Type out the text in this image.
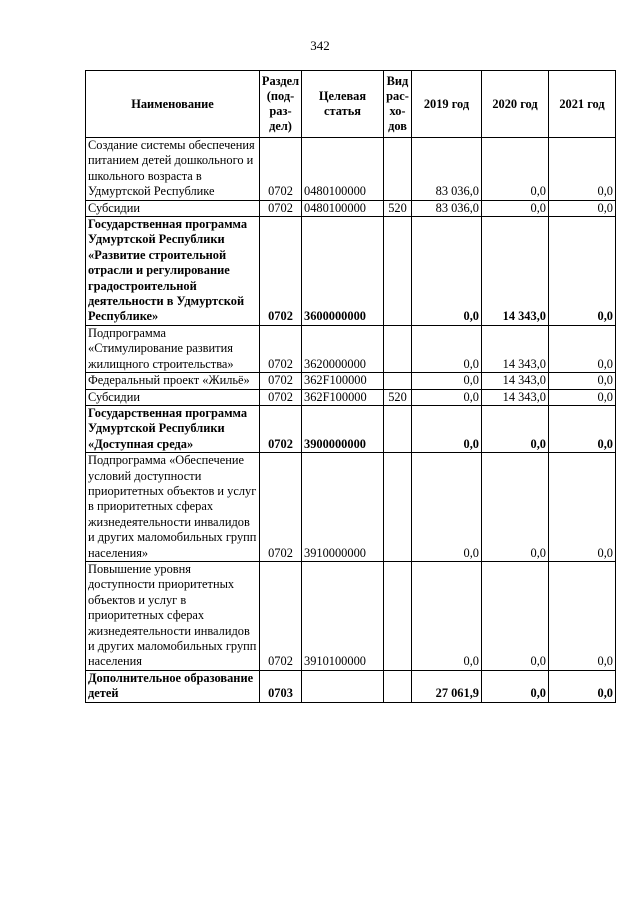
342
Наименование	Раздел (под-раз-дел)	Целевая статья	Вид рас-хо-дов	2019 год	2020 год	2021 год
Создание системы обеспечения питанием детей дошкольного и школьного возраста в Удмуртской Республике	0702	0480100000		83 036,0	0,0	0,0
Субсидии	0702	0480100000	520	83 036,0	0,0	0,0
Государственная программа Удмуртской Республики «Развитие строительной отрасли и регулирование градостроительной деятельности в Удмуртской Республике»	0702	3600000000		0,0	14 343,0	0,0
Подпрограмма «Стимулирование развития жилищного строительства»	0702	3620000000		0,0	14 343,0	0,0
Федеральный проект «Жильё»	0702	362F100000		0,0	14 343,0	0,0
Субсидии	0702	362F100000	520	0,0	14 343,0	0,0
Государственная программа Удмуртской Республики «Доступная среда»	0702	3900000000		0,0	0,0	0,0
Подпрограмма «Обеспечение условий доступности приоритетных объектов и услуг в приоритетных сферах жизнедеятельности инвалидов и других маломобильных групп населения»	0702	3910000000		0,0	0,0	0,0
Повышение уровня доступности приоритетных объектов и услуг в приоритетных сферах жизнедеятельности инвалидов и других маломобильных групп населения	0702	3910100000		0,0	0,0	0,0
Дополнительное образование детей	0703			27 061,9	0,0	0,0
